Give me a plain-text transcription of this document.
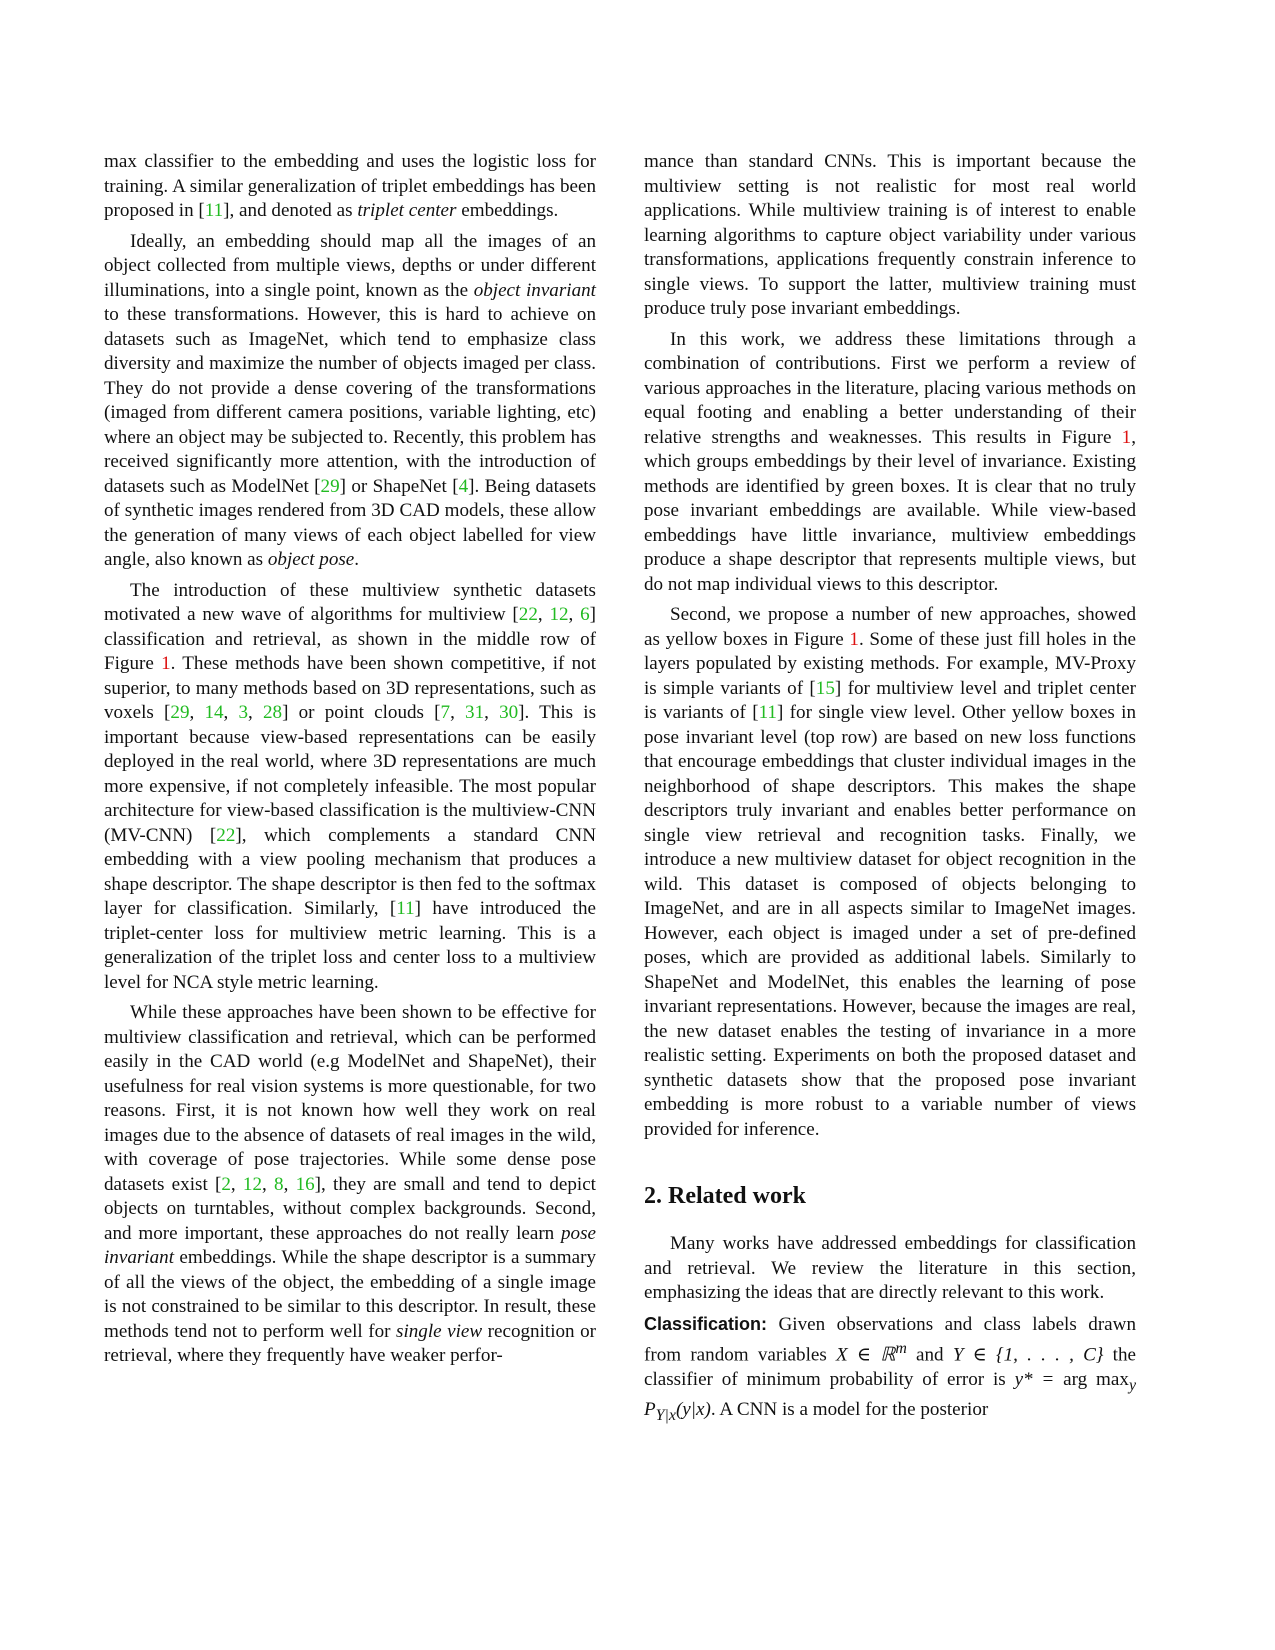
max classifier to the embedding and uses the logistic loss for training. A similar generalization of triplet embeddings has been proposed in [11], and denoted as triplet center embeddings.

Ideally, an embedding should map all the images of an object collected from multiple views, depths or under different illuminations, into a single point, known as the object invariant to these transformations. However, this is hard to achieve on datasets such as ImageNet, which tend to emphasize class diversity and maximize the number of objects imaged per class. They do not provide a dense covering of the transformations (imaged from different camera positions, variable lighting, etc) where an object may be subjected to. Recently, this problem has received significantly more attention, with the introduction of datasets such as ModelNet [29] or ShapeNet [4]. Being datasets of synthetic images rendered from 3D CAD models, these allow the generation of many views of each object labelled for view angle, also known as object pose.

The introduction of these multiview synthetic datasets motivated a new wave of algorithms for multiview [22, 12, 6] classification and retrieval, as shown in the middle row of Figure 1. These methods have been shown competitive, if not superior, to many methods based on 3D representations, such as voxels [29, 14, 3, 28] or point clouds [7, 31, 30]. This is important because view-based representations can be easily deployed in the real world, where 3D representations are much more expensive, if not completely infeasible. The most popular architecture for view-based classification is the multiview-CNN (MV-CNN) [22], which complements a standard CNN embedding with a view pooling mechanism that produces a shape descriptor. The shape descriptor is then fed to the softmax layer for classification. Similarly, [11] have introduced the triplet-center loss for multiview metric learning. This is a generalization of the triplet loss and center loss to a multiview level for NCA style metric learning.

While these approaches have been shown to be effective for multiview classification and retrieval, which can be performed easily in the CAD world (e.g ModelNet and ShapeNet), their usefulness for real vision systems is more questionable, for two reasons. First, it is not known how well they work on real images due to the absence of datasets of real images in the wild, with coverage of pose trajectories. While some dense pose datasets exist [2, 12, 8, 16], they are small and tend to depict objects on turntables, without complex backgrounds. Second, and more important, these approaches do not really learn pose invariant embeddings. While the shape descriptor is a summary of all the views of the object, the embedding of a single image is not constrained to be similar to this descriptor. In result, these methods tend not to perform well for single view recognition or retrieval, where they frequently have weaker perfor-

mance than standard CNNs. This is important because the multiview setting is not realistic for most real world applications. While multiview training is of interest to enable learning algorithms to capture object variability under various transformations, applications frequently constrain inference to single views. To support the latter, multiview training must produce truly pose invariant embeddings.

In this work, we address these limitations through a combination of contributions. First we perform a review of various approaches in the literature, placing various methods on equal footing and enabling a better understanding of their relative strengths and weaknesses. This results in Figure 1, which groups embeddings by their level of invariance. Existing methods are identified by green boxes. It is clear that no truly pose invariant embeddings are available. While view-based embeddings have little invariance, multiview embeddings produce a shape descriptor that represents multiple views, but do not map individual views to this descriptor.

Second, we propose a number of new approaches, showed as yellow boxes in Figure 1. Some of these just fill holes in the layers populated by existing methods. For example, MV-Proxy is simple variants of [15] for multiview level and triplet center is variants of [11] for single view level. Other yellow boxes in pose invariant level (top row) are based on new loss functions that encourage embeddings that cluster individual images in the neighborhood of shape descriptors. This makes the shape descriptors truly invariant and enables better performance on single view retrieval and recognition tasks. Finally, we introduce a new multiview dataset for object recognition in the wild. This dataset is composed of objects belonging to ImageNet, and are in all aspects similar to ImageNet images. However, each object is imaged under a set of pre-defined poses, which are provided as additional labels. Similarly to ShapeNet and ModelNet, this enables the learning of pose invariant representations. However, because the images are real, the new dataset enables the testing of invariance in a more realistic setting. Experiments on both the proposed dataset and synthetic datasets show that the proposed pose invariant embedding is more robust to a variable number of views provided for inference.

2. Related work

Many works have addressed embeddings for classification and retrieval. We review the literature in this section, emphasizing the ideas that are directly relevant to this work.

Classification: Given observations and class labels drawn from random variables X ∈ ℝ$^m$ and Y ∈ {1, . . . , C} the classifier of minimum probability of error is y* = arg $\max_y P_{Y|x}(y|x)$. A CNN is a model for the posterior
